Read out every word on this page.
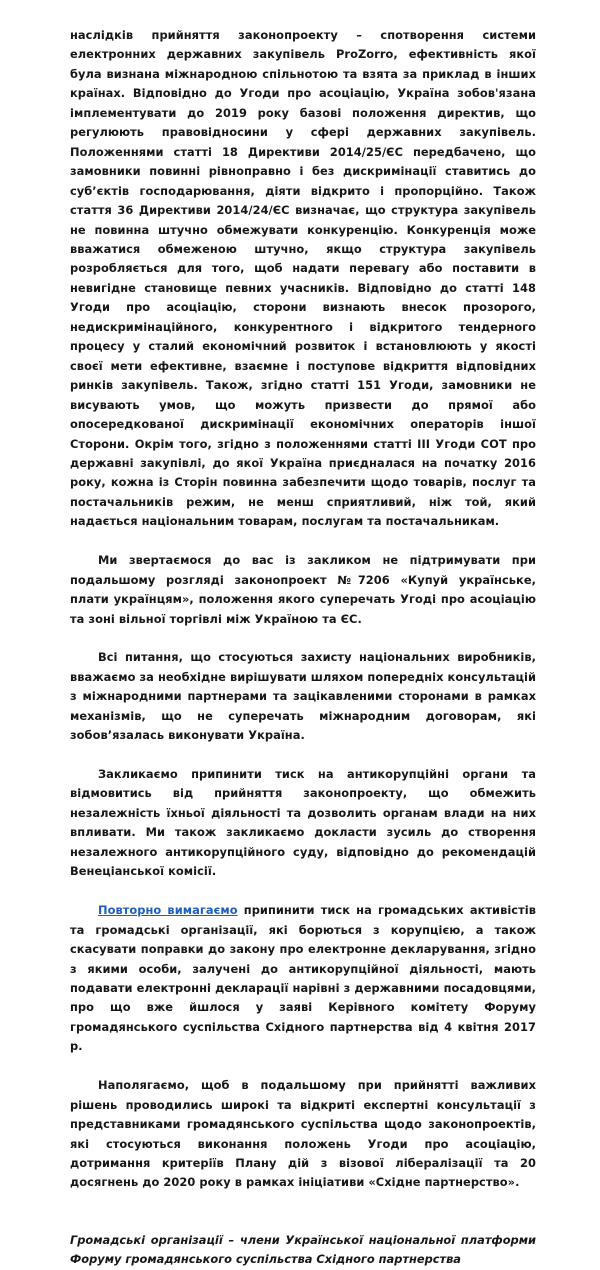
наслідків прийняття законопроекту – спотворення системи електронних державних закупівель ProZorro, ефективність якої була визнана міжнародною спільнотою та взята за приклад в інших країнах. Відповідно до Угоди про асоціацію, Україна зобов'язана імплементувати до 2019 року базові положення директив, що регулюють правовідносини у сфері державних закупівель. Положеннями статті 18 Директиви 2014/25/ЄС передбачено, що замовники повинні рівноправно і без дискримінації ставитись до суб’єктів господарювання, діяти відкрито і пропорційно. Також стаття 36 Директиви 2014/24/ЄС визначає, що структура закупівель не повинна штучно обмежувати конкуренцію. Конкуренція може вважатися обмеженою штучно, якщо структура закупівель розробляється для того, щоб надати перевагу або поставити в невигідне становище певних учасників. Відповідно до статті 148 Угоди про асоціацію, сторони визнають внесок прозорого, недискримінаційного, конкурентного і відкритого тендерного процесу у сталий економічний розвиток і встановлюють у якості своєї мети ефективне, взаємне і поступове відкриття відповідних ринків закупівель. Також, згідно статті 151 Угоди, замовники не висувають умов, що можуть призвести до прямої або опосередкованої дискримінації економічних операторів іншої Сторони. Окрім того, згідно з положеннями статті ІІІ Угоди СОТ про державні закупівлі, до якої Україна приєдналася на початку 2016 року, кожна із Сторін повинна забезпечити щодо товарів, послуг та постачальників режим, не менш сприятливий, ніж той, який надається національним товарам, послугам та постачальникам.

Ми звертаємося до вас із закликом не підтримувати при подальшому розгляді законопроект №7206 «Купуй українське, плати українцям», положення якого суперечать Угоді про асоціацію та зоні вільної торгівлі між Україною та ЄС.

Всі питання, що стосуються захисту національних виробників, вважаємо за необхідне вирішувати шляхом попередніх консультацій з міжнародними партнерами та зацікавленими сторонами в рамках механізмів, що не суперечать міжнародним договорам, які зобов’язалась виконувати Україна.

Закликаємо припинити тиск на антикорупційні органи та відмовитись від прийняття законопроекту, що обмежить незалежність їхньої діяльності та дозволить органам влади на них впливати. Ми також закликаємо докласти зусиль до створення незалежного антикорупційного суду, відповідно до рекомендацій Венеціанської комісії.

Повторно вимагаємо припинити тиск на громадських активістів та громадські організації, які борються з корупцією, а також скасувати поправки до закону про електронне декларування, згідно з якими особи, залучені до антикорупційної діяльності, мають подавати електронні декларації нарівні з державними посадовцями, про що вже йшлося у заяві Керівного комітету Форуму громадянського суспільства Східного партнерства від 4 квітня 2017 р.

Наполягаємо, щоб в подальшому при прийнятті важливих рішень проводились широкі та відкриті експертні консультації з представниками громадянського суспільства щодо законопроектів, які стосуються виконання положень Угоди про асоціацію, дотримання критеріїв Плану дій з візової лібералізації та 20 досягнень до 2020 року в рамках ініціативи «Східне партнерство».

Громадські організації – члени Української національної платформи Форуму громадянського суспільства Східного партнерства
